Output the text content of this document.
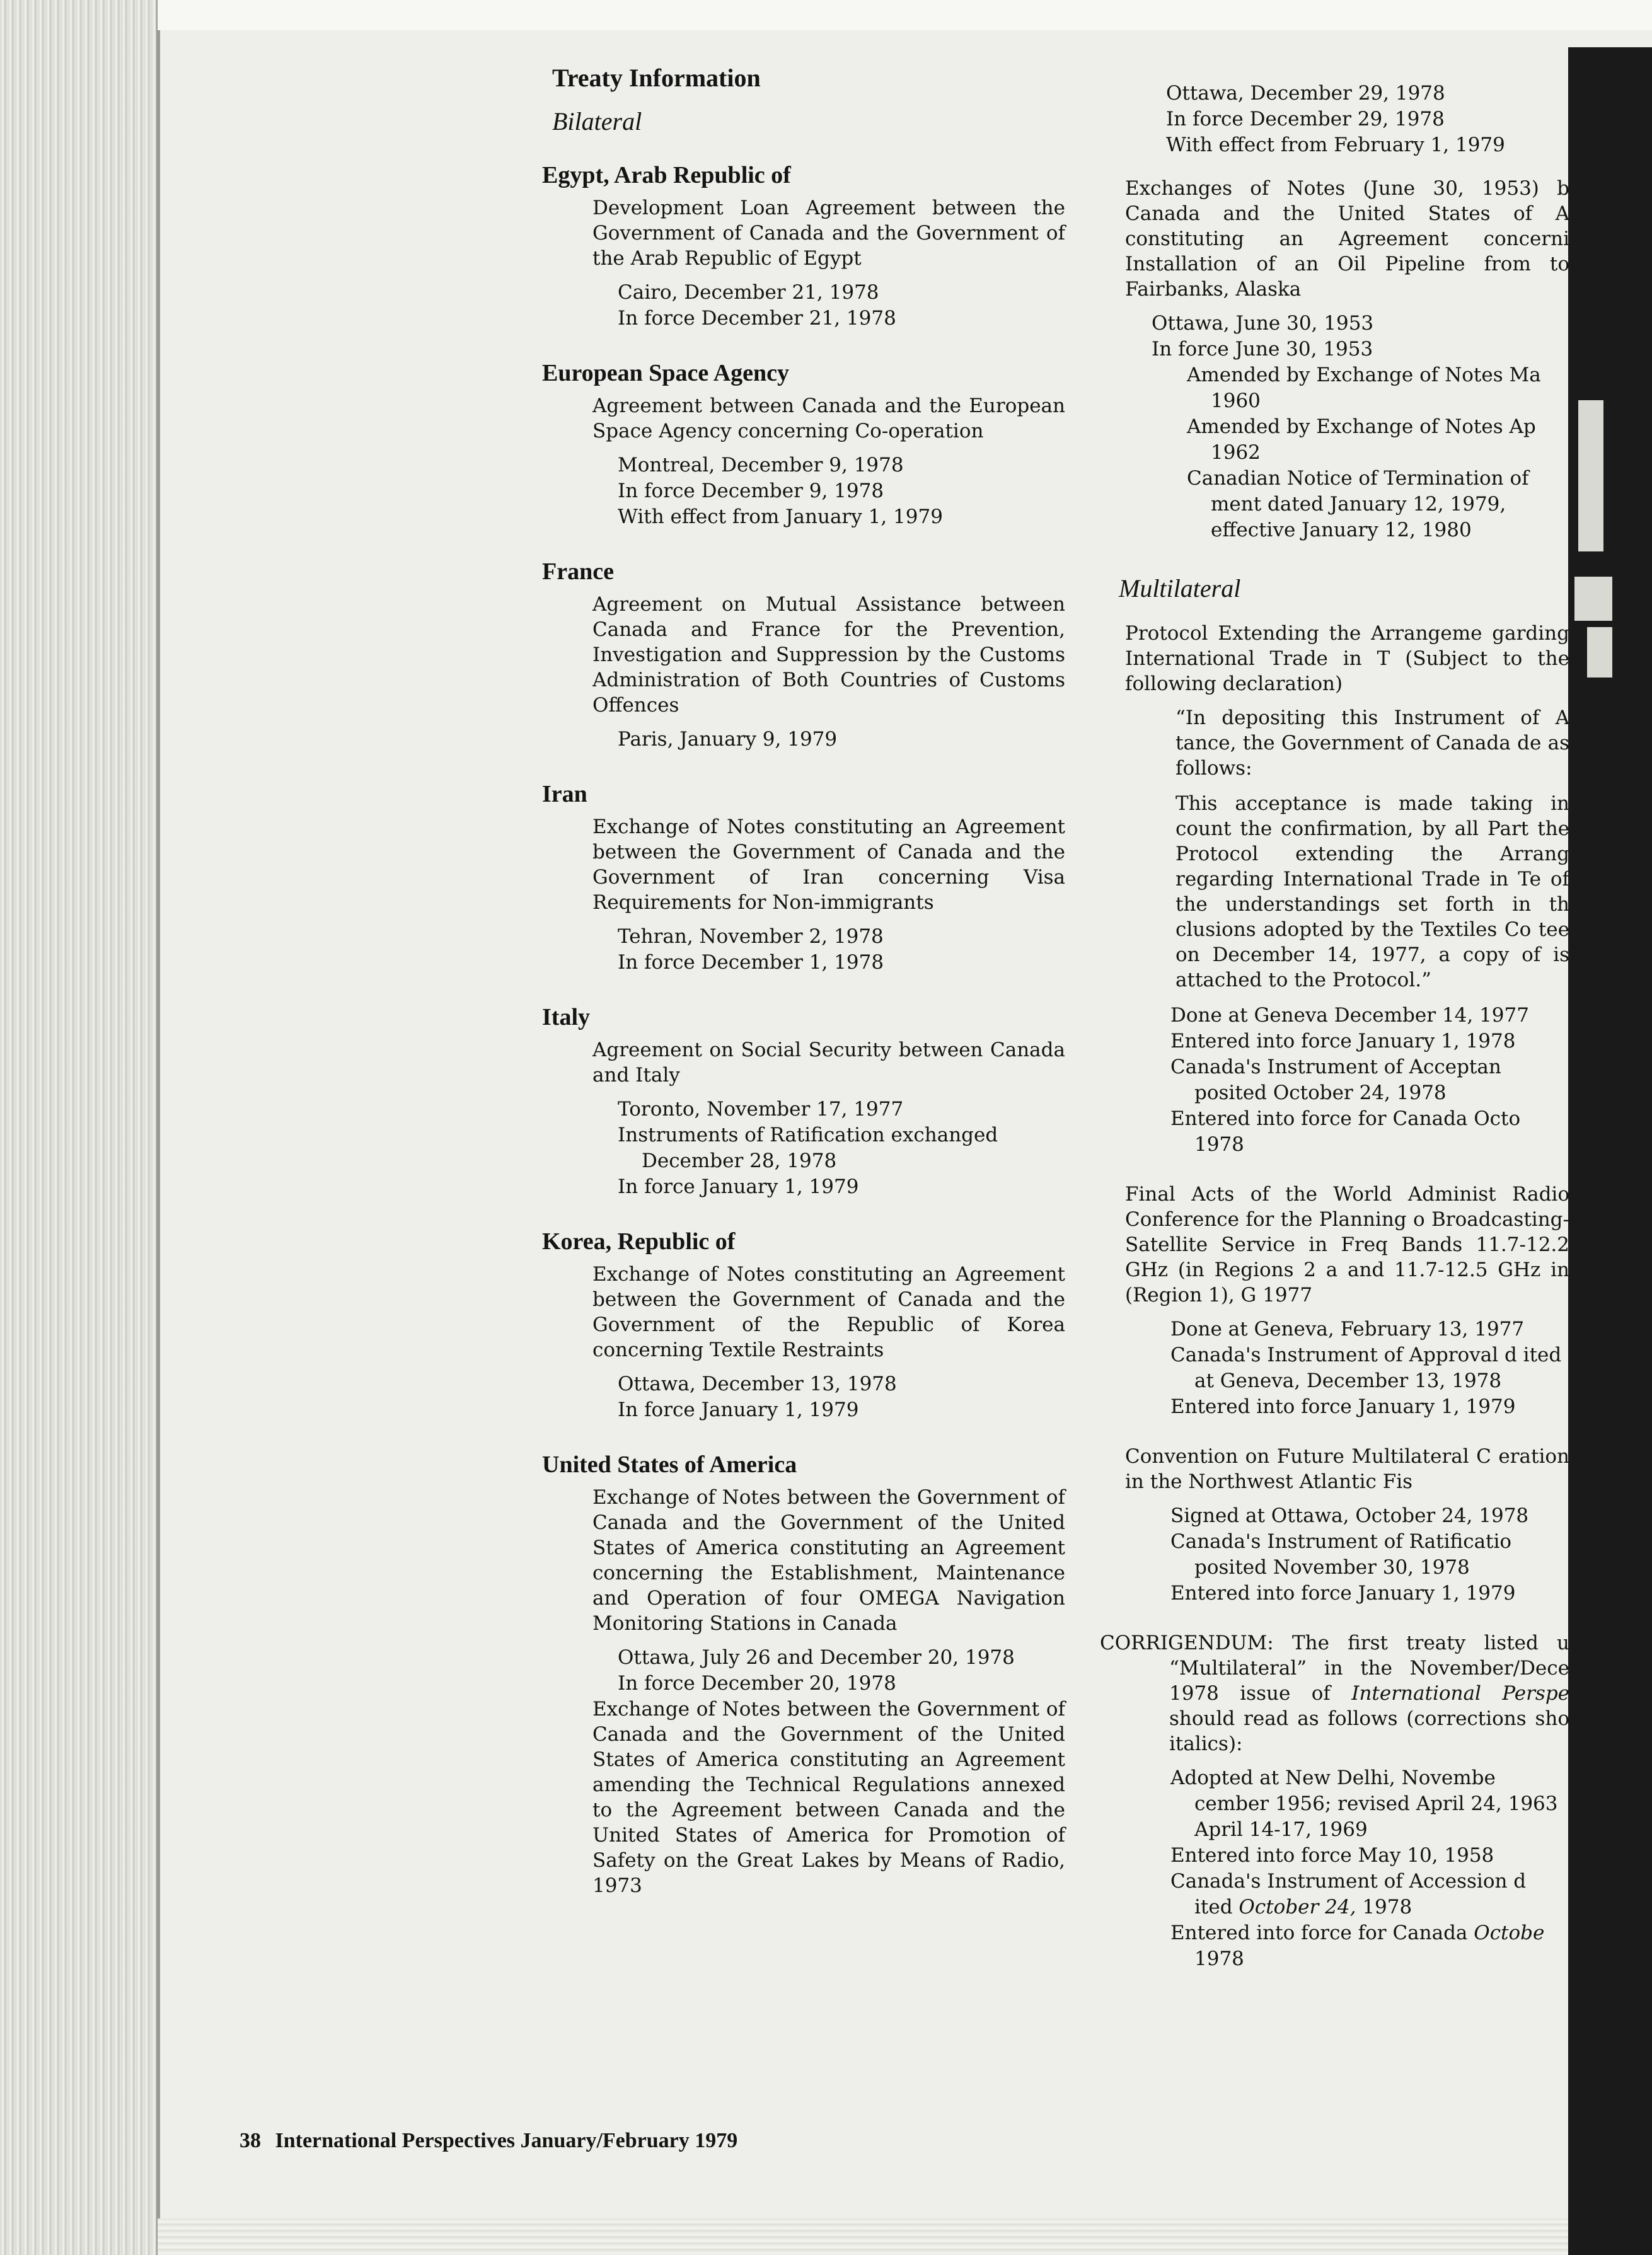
Treaty Information
Bilateral
Egypt, Arab Republic of
Development Loan Agreement between the Government of Canada and the Government of the Arab Republic of Egypt
Cairo, December 21, 1978
In force December 21, 1978
European Space Agency
Agreement between Canada and the European Space Agency concerning Co-operation
Montreal, December 9, 1978
In force December 9, 1978
With effect from January 1, 1979
France
Agreement on Mutual Assistance between Canada and France for the Prevention, Investigation and Suppression by the Customs Administration of Both Countries of Customs Offences
Paris, January 9, 1979
Iran
Exchange of Notes constituting an Agreement between the Government of Canada and the Government of Iran concerning Visa Requirements for Non-immigrants
Tehran, November 2, 1978
In force December 1, 1978
Italy
Agreement on Social Security between Canada and Italy
Toronto, November 17, 1977
Instruments of Ratification exchanged December 28, 1978
In force January 1, 1979
Korea, Republic of
Exchange of Notes constituting an Agreement between the Government of Canada and the Government of the Republic of Korea concerning Textile Restraints
Ottawa, December 13, 1978
In force January 1, 1979
United States of America
Exchange of Notes between the Government of Canada and the Government of the United States of America constituting an Agreement concerning the Establishment, Maintenance and Operation of four OMEGA Navigation Monitoring Stations in Canada
Ottawa, July 26 and December 20, 1978
In force December 20, 1978
Exchange of Notes between the Government of Canada and the Government of the United States of America constituting an Agreement amending the Technical Regulations annexed to the Agreement between Canada and the United States of America for Promotion of Safety on the Great Lakes by Means of Radio, 1973
Ottawa, December 29, 1978
In force December 29, 1978
With effect from February 1, 1979
Exchanges of Notes (June 30, 1953) b Canada and the United States of A constituting an Agreement concerni Installation of an Oil Pipeline from to Fairbanks, Alaska
Ottawa, June 30, 1953
In force June 30, 1953
Amended by Exchange of Notes Ma 1960
Amended by Exchange of Notes Ap 1962
Canadian Notice of Termination of ment dated January 12, 1979, effective January 12, 1980
Multilateral
Protocol Extending the Arrangeme garding International Trade in T (Subject to the following declaration)
“In depositing this Instrument of A tance, the Government of Canada de as follows:
This acceptance is made taking in count the confirmation, by all Part the Protocol extending the Arrang regarding International Trade in Te of the understandings set forth in th clusions adopted by the Textiles Co tee on December 14, 1977, a copy of is attached to the Protocol.”
Done at Geneva December 14, 1977
Entered into force January 1, 1978
Canada's Instrument of Acceptan posited October 24, 1978
Entered into force for Canada Octo 1978
Final Acts of the World Administ Radio Conference for the Planning o Broadcasting-Satellite Service in Freq Bands 11.7-12.2 GHz (in Regions 2 a and 11.7-12.5 GHz in (Region 1), G 1977
Done at Geneva, February 13, 1977
Canada's Instrument of Approval d ited at Geneva, December 13, 1978
Entered into force January 1, 1979
Convention on Future Multilateral C eration in the Northwest Atlantic Fis
Signed at Ottawa, October 24, 1978
Canada's Instrument of Ratificatio posited November 30, 1978
Entered into force January 1, 1979
CORRIGENDUM: The first treaty listed u “Multilateral” in the November/Dece 1978 issue of International Perspe should read as follows (corrections sho italics):
Adopted at New Delhi, Novembe cember 1956; revised April 24, 1963 April 14-17, 1969
Entered into force May 10, 1958
Canada's Instrument of Accession d ited October 24, 1978
Entered into force for Canada Octobe 1978
38 International Perspectives January/February 1979
